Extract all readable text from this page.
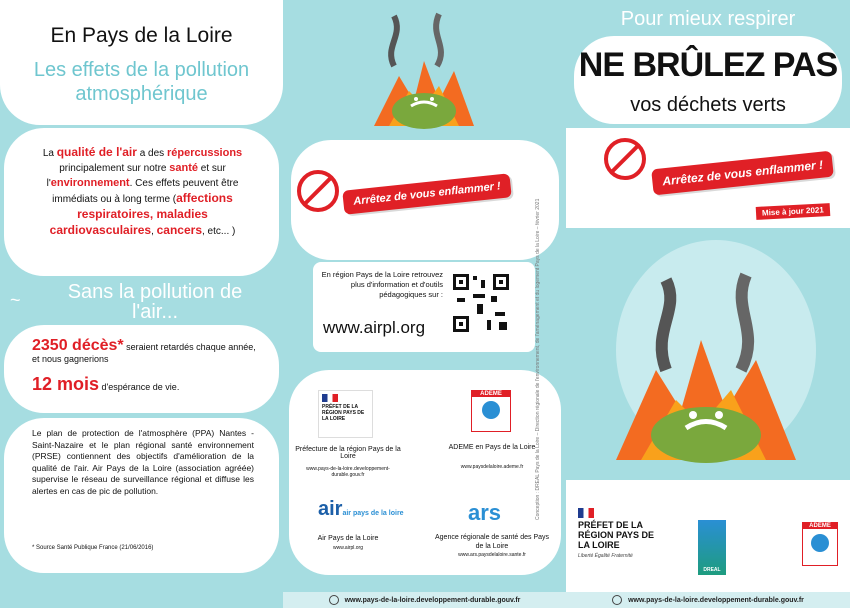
En Pays de la Loire
Les effets de la pollution atmosphérique
La qualité de l'air a des répercussions principalement sur notre santé et sur l'environnement. Ces effets peuvent être immédiats ou à long terme (affections respiratoires, maladies cardiovasculaires, cancers, etc... )
~	Sans la pollution de l'air...
2350 décès* seraient retardés chaque année, et nous gagnerions
12 mois d'espérance de vie.
Le plan de protection de l'atmosphère (PPA) Nantes - Saint-Nazaire et le plan régional santé environnement (PRSE) contiennent des objectifs d'amélioration de la qualité de l'air. Air Pays de la Loire (association agréée) supervise le réseau de surveillance régional et diffuse les alertes en cas de pic de pollution.
* Source Santé Publique France (21/06/2016)
Arrêtez de vous enflammer !
En région Pays de la Loire retrouvez plus d'information et d'outils pédagogiques sur :
www.airpl.org
PRÉFET DE LA RÉGION PAYS DE LA LOIRE
Préfecture de la région Pays de la Loire
www.pays-de-la-loire.developpement-durable.gouv.fr
ADEME
ADEME en Pays de la Loire
www.paysdelaloire.ademe.fr
airair pays de la loire
Air Pays de la Loire
www.airpl.org
ars
Agence régionale de santé des Pays de la Loire
www.ars.paysdelaloire.sante.fr
Conception : DREAL Pays de la Loire – Direction régionale de l'environnement, de l'aménagement et du logement Pays de la Loire – février 2021
www.pays-de-la-loire.developpement-durable.gouv.fr
Pour mieux respirer
NE BRÛLEZ PAS
vos déchets verts
Arrêtez de vous enflammer !
Mise à jour 2021
PRÉFET DE LA RÉGION PAYS DE LA LOIRE
Liberté Égalité Fraternité
DREAL
ADEME
www.pays-de-la-loire.developpement-durable.gouv.fr
